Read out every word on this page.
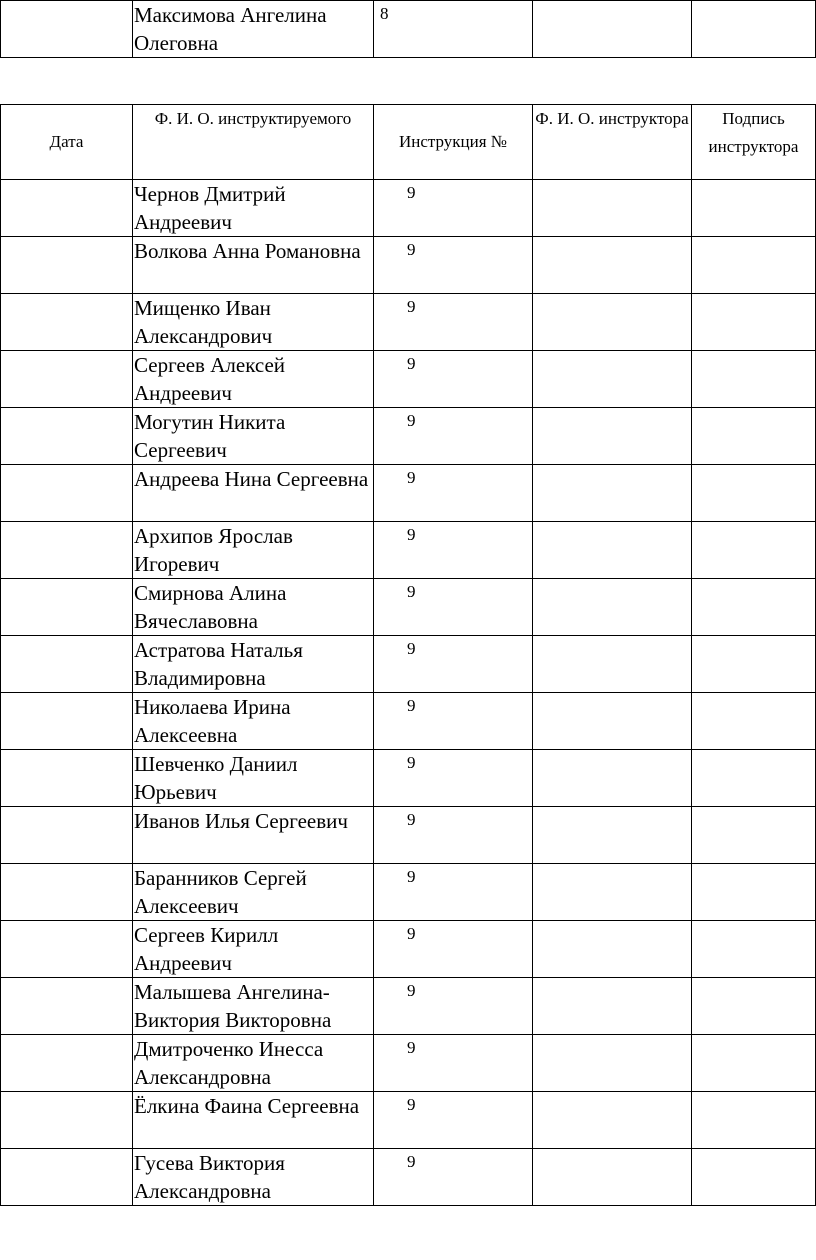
	Максимова Ангелина Олеговна	8		
Дата	Ф. И. О. инструктируемого	Инструкция №	Ф. И. О. инструктора	Подпись инструктора
	Чернов Дмитрий Андреевич	9		
	Волкова Анна Романовна	9		
	Мищенко Иван Александрович	9		
	Сергеев Алексей Андреевич	9		
	Могутин Никита Сергеевич	9		
	Андреева Нина Сергеевна	9		
	Архипов Ярослав Игоревич	9		
	Смирнова Алина Вячеславовна	9		
	Астратова Наталья Владимировна	9		
	Николаева Ирина Алексеевна	9		
	Шевченко Даниил Юрьевич	9		
	Иванов Илья Сергеевич	9		
	Баранников Сергей Алексеевич	9		
	Сергеев Кирилл Андреевич	9		
	Малышева Ангелина-Виктория Викторовна	9		
	Дмитроченко Инесса Александровна	9		
	Ёлкина Фаина Сергеевна	9		
	Гусева Виктория Александровна	9		
